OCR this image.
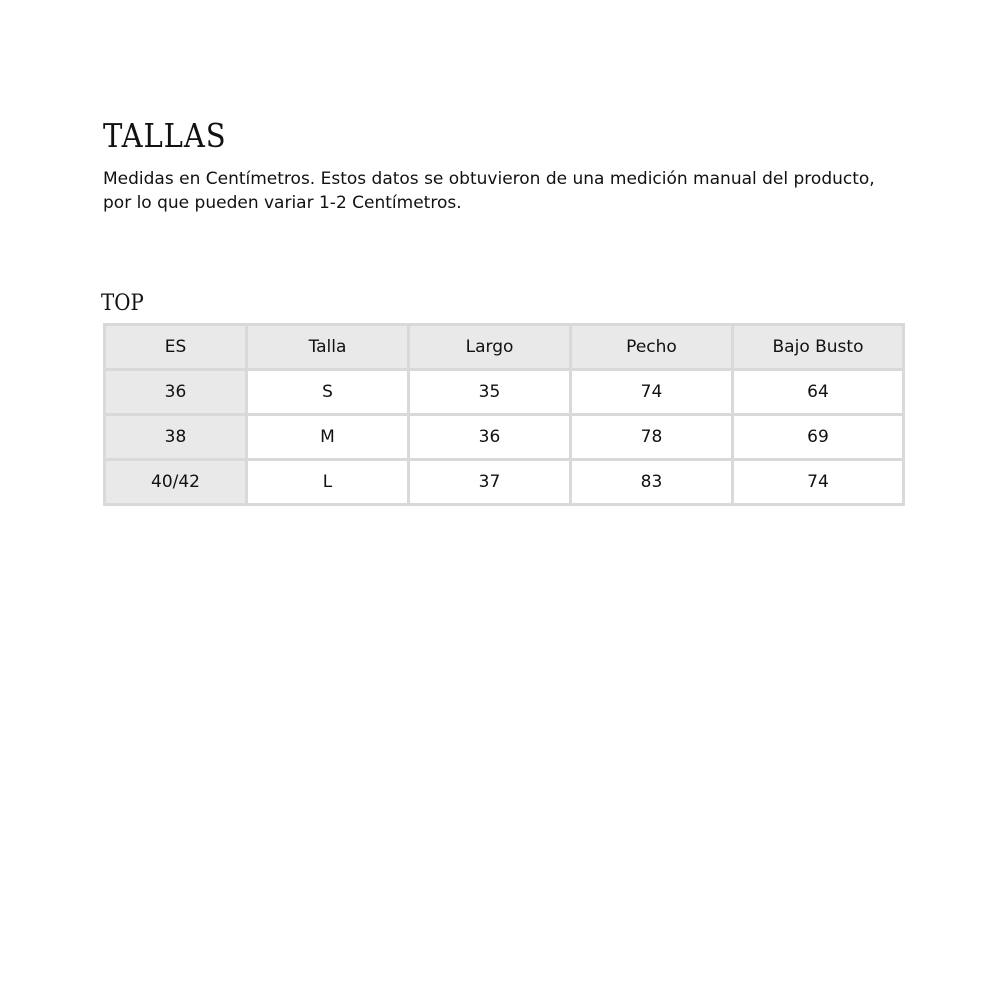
TALLAS

Medidas en Centímetros. Estos datos se obtuvieron de una medición manual del producto,

por lo que pueden variar 1-2 Centímetros.

TOP
ES	Talla	Largo	Pecho	Bajo Busto
36	S	35	74	64
38	M	36	78	69
40/42	L	37	83	74
